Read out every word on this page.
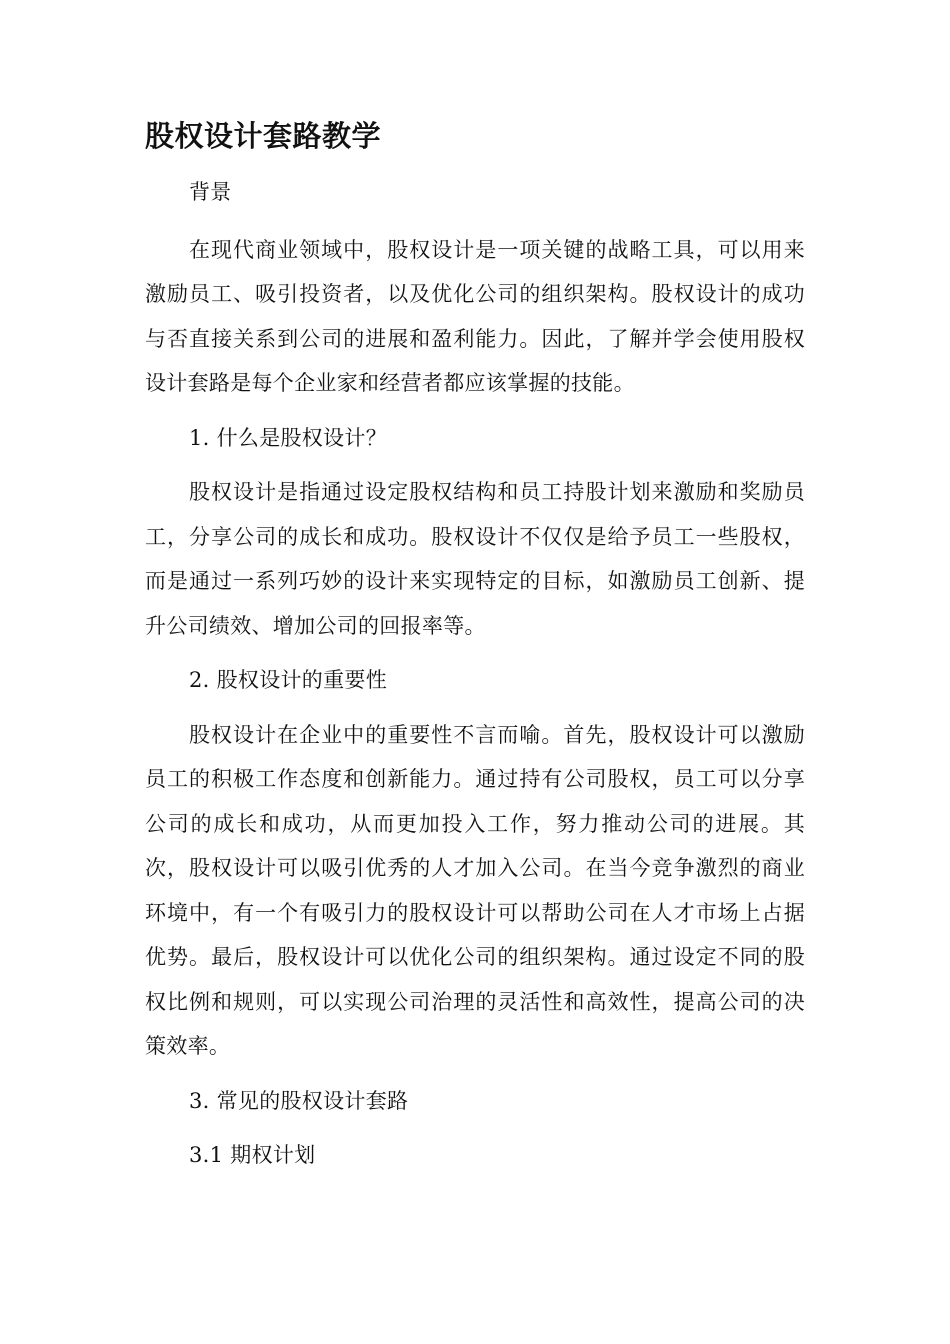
股权设计套路教学

背景

在现代商业领域中，股权设计是一项关键的战略工具，可以用来激励员工、吸引投资者，以及优化公司的组织架构。股权设计的成功与否直接关系到公司的进展和盈利能力。因此，了解并学会使用股权设计套路是每个企业家和经营者都应该掌握的技能。

1. 什么是股权设计？

股权设计是指通过设定股权结构和员工持股计划来激励和奖励员工，分享公司的成长和成功。股权设计不仅仅是给予员工一些股权，而是通过一系列巧妙的设计来实现特定的目标，如激励员工创新、提升公司绩效、增加公司的回报率等。

2. 股权设计的重要性

股权设计在企业中的重要性不言而喻。首先，股权设计可以激励员工的积极工作态度和创新能力。通过持有公司股权，员工可以分享公司的成长和成功，从而更加投入工作，努力推动公司的进展。其次，股权设计可以吸引优秀的人才加入公司。在当今竞争激烈的商业环境中，有一个有吸引力的股权设计可以帮助公司在人才市场上占据优势。最后，股权设计可以优化公司的组织架构。通过设定不同的股权比例和规则，可以实现公司治理的灵活性和高效性，提高公司的决策效率。

3. 常见的股权设计套路

3.1 期权计划
